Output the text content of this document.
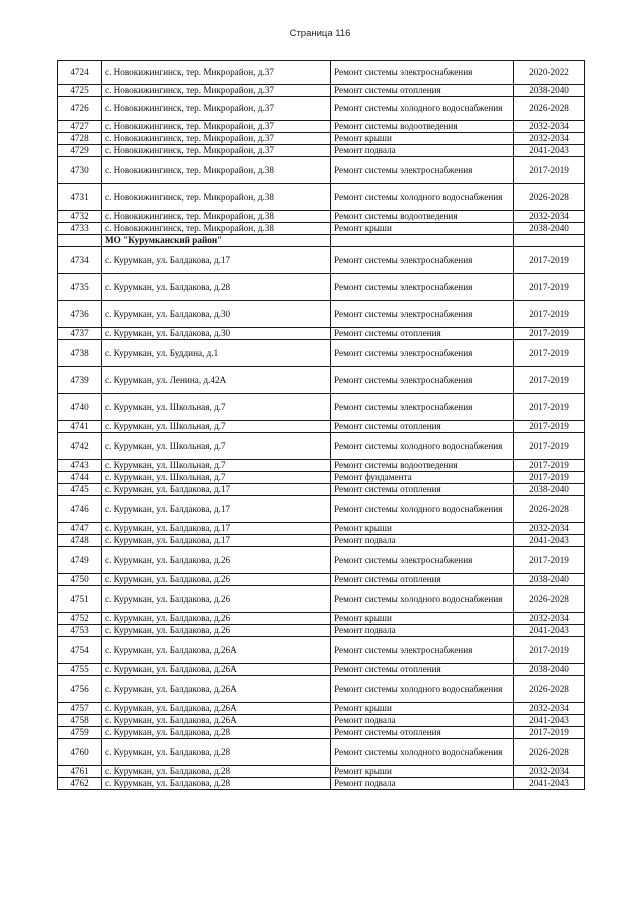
Страница 116
4724	с. Новокижингинск, тер. Микрорайон, д.37	Ремонт системы электроснабжения	2020-2022
4725	с. Новокижингинск, тер. Микрорайон, д.37	Ремонт системы отопления	2038-2040
4726	с. Новокижингинск, тер. Микрорайон, д.37	Ремонт системы холодного водоснабжения	2026-2028
4727	с. Новокижингинск, тер. Микрорайон, д.37	Ремонт системы водоотведения	2032-2034
4728	с. Новокижингинск, тер. Микрорайон, д.37	Ремонт крыши	2032-2034
4729	с. Новокижингинск, тер. Микрорайон, д.37	Ремонт подвала	2041-2043
4730	с. Новокижингинск, тер. Микрорайон, д.38	Ремонт системы электроснабжения	2017-2019
4731	с. Новокижингинск, тер. Микрорайон, д.38	Ремонт системы холодного водоснабжения	2026-2028
4732	с. Новокижингинск, тер. Микрорайон, д.38	Ремонт системы водоотведения	2032-2034
4733	с. Новокижингинск, тер. Микрорайон, д.38	Ремонт крыши	2038-2040
	МО "Курумканский район"		
4734	с. Курумкан, ул. Балдакова, д.17	Ремонт системы электроснабжения	2017-2019
4735	с. Курумкан, ул. Балдакова, д.28	Ремонт системы электроснабжения	2017-2019
4736	с. Курумкан, ул. Балдакова, д.30	Ремонт системы электроснабжения	2017-2019
4737	с. Курумкан, ул. Балдакова, д.30	Ремонт системы отопления	2017-2019
4738	с. Курумкан, ул. Буддина, д.1	Ремонт системы электроснабжения	2017-2019
4739	с. Курумкан, ул. Ленина, д.42А	Ремонт системы электроснабжения	2017-2019
4740	с. Курумкан, ул. Школьная, д.7	Ремонт системы электроснабжения	2017-2019
4741	с. Курумкан, ул. Школьная, д.7	Ремонт системы отопления	2017-2019
4742	с. Курумкан, ул. Школьная, д.7	Ремонт системы холодного водоснабжения	2017-2019
4743	с. Курумкан, ул. Школьная, д.7	Ремонт системы водоотведения	2017-2019
4744	с. Курумкан, ул. Школьная, д.7	Ремонт фундамента	2017-2019
4745	с. Курумкан, ул. Балдакова, д.17	Ремонт системы отопления	2038-2040
4746	с. Курумкан, ул. Балдакова, д.17	Ремонт системы холодного водоснабжения	2026-2028
4747	с. Курумкан, ул. Балдакова, д.17	Ремонт крыши	2032-2034
4748	с. Курумкан, ул. Балдакова, д.17	Ремонт подвала	2041-2043
4749	с. Курумкан, ул. Балдакова, д.26	Ремонт системы электроснабжения	2017-2019
4750	с. Курумкан, ул. Балдакова, д.26	Ремонт системы отопления	2038-2040
4751	с. Курумкан, ул. Балдакова, д.26	Ремонт системы холодного водоснабжения	2026-2028
4752	с. Курумкан, ул. Балдакова, д.26	Ремонт крыши	2032-2034
4753	с. Курумкан, ул. Балдакова, д.26	Ремонт подвала	2041-2043
4754	с. Курумкан, ул. Балдакова, д.26А	Ремонт системы электроснабжения	2017-2019
4755	с. Курумкан, ул. Балдакова, д.26А	Ремонт системы отопления	2038-2040
4756	с. Курумкан, ул. Балдакова, д.26А	Ремонт системы холодного водоснабжения	2026-2028
4757	с. Курумкан, ул. Балдакова, д.26А	Ремонт крыши	2032-2034
4758	с. Курумкан, ул. Балдакова, д.26А	Ремонт подвала	2041-2043
4759	с. Курумкан, ул. Балдакова, д.28	Ремонт системы отопления	2017-2019
4760	с. Курумкан, ул. Балдакова, д.28	Ремонт системы холодного водоснабжения	2026-2028
4761	с. Курумкан, ул. Балдакова, д.28	Ремонт крыши	2032-2034
4762	с. Курумкан, ул. Балдакова, д.28	Ремонт подвала	2041-2043
